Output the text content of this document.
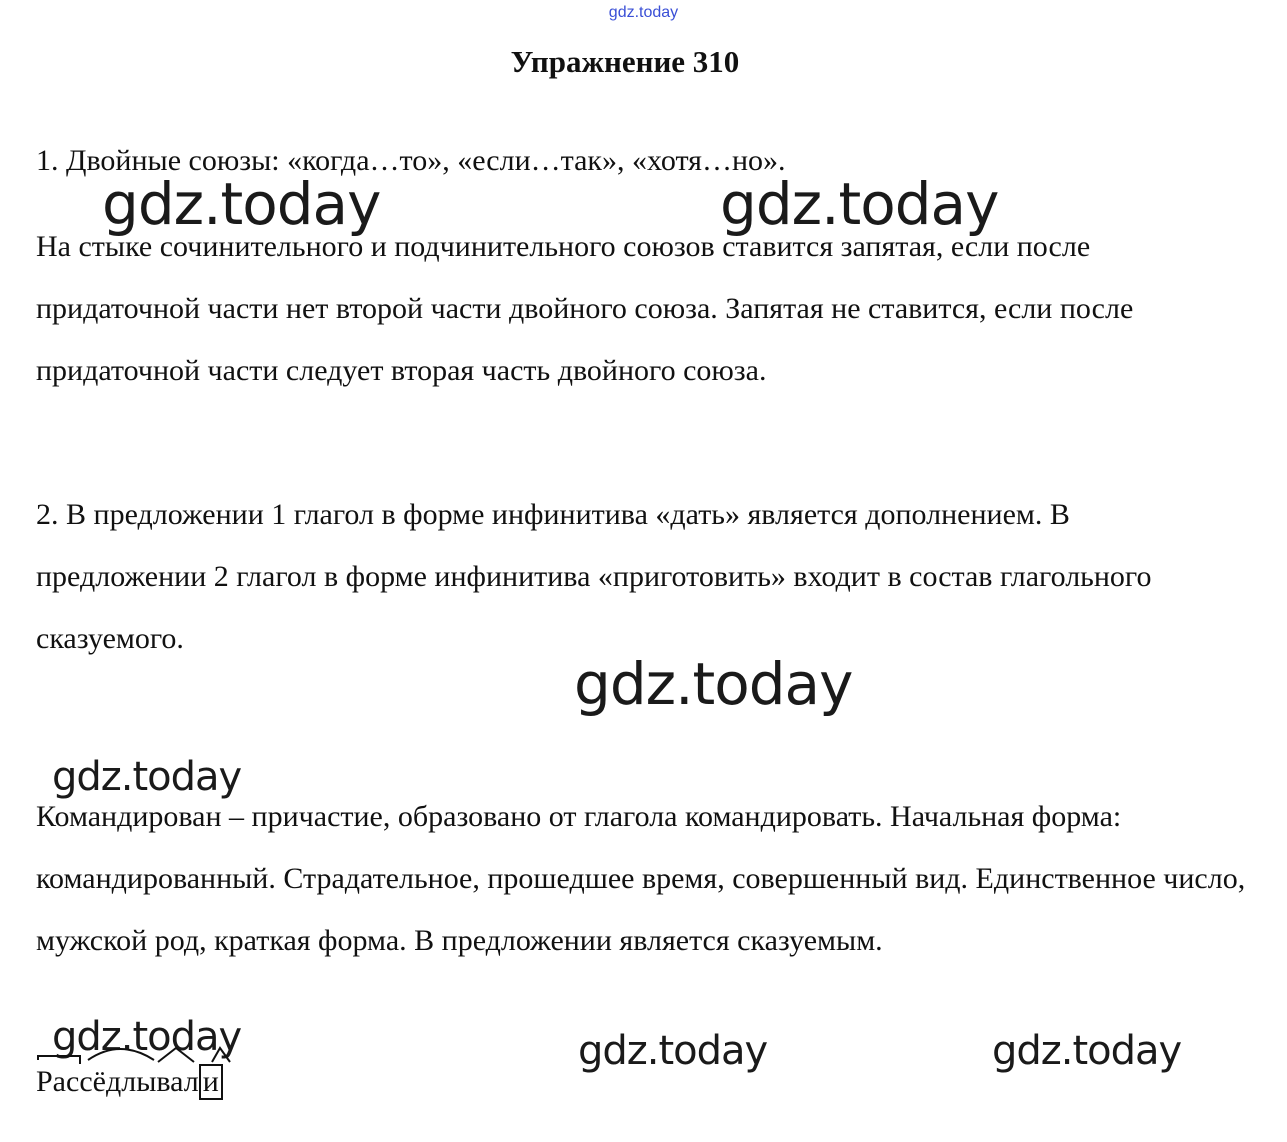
gdz.today
Упражнение 310
1. Двойные союзы: «когда…то», «если…так», «хотя…но».
На стыке сочинительного и подчинительного союзов ставится запятая, если после придаточной части нет второй части двойного союза. Запятая не ставится, если после придаточной части следует вторая часть двойного союза.
2. В предложении 1 глагол в форме инфинитива «дать» является дополнением. В предложении 2 глагол в форме инфинитива «приготовить» входит в состав глагольного сказуемого.
Командирован – причастие, образовано от глагола командировать. Начальная форма: командированный. Страдательное, прошедшее время, совершенный вид. Единственное число, мужской род, краткая форма. В предложении является сказуемым.
gdz.today	gdz.today
gdz.today
gdz.today
gdz.today	gdz.today	gdz.today
Рассёдлывал и
